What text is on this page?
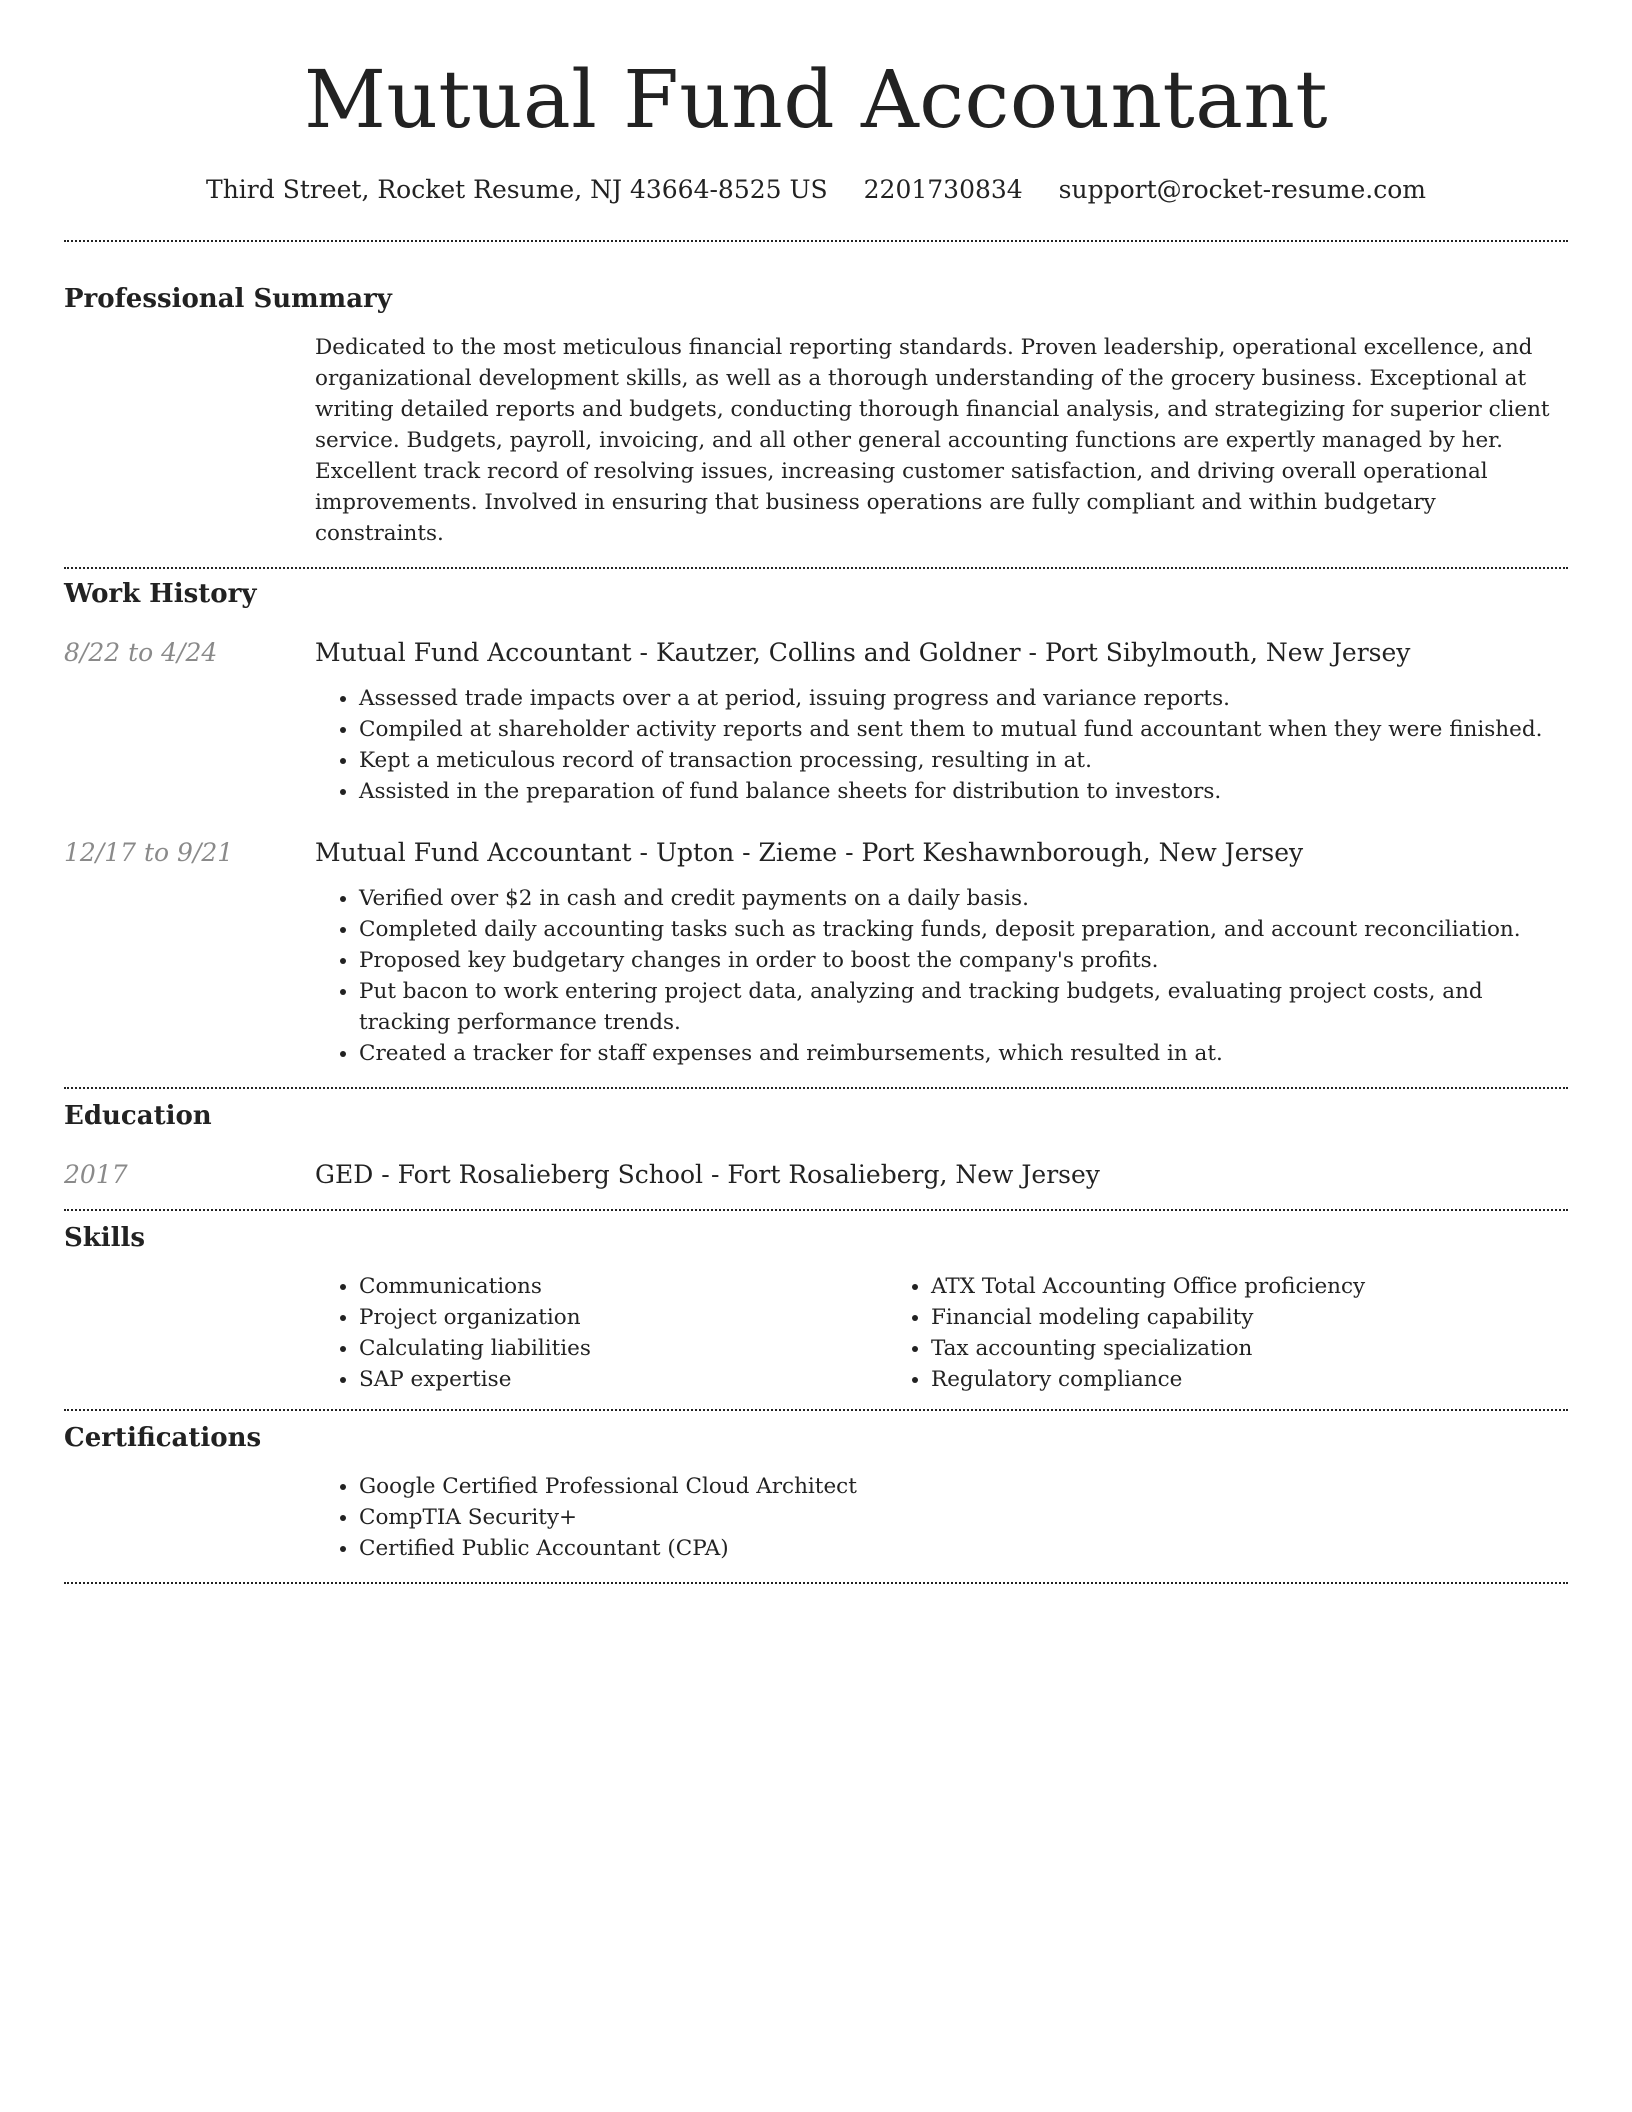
Mutual Fund Accountant
Third Street, Rocket Resume, NJ 43664-8525 US 2201730834 support@rocket-resume.com
Professional Summary
Dedicated to the most meticulous financial reporting standards. Proven leadership, operational excellence, and organizational development skills, as well as a thorough understanding of the grocery business. Exceptional at writing detailed reports and budgets, conducting thorough financial analysis, and strategizing for superior client service. Budgets, payroll, invoicing, and all other general accounting functions are expertly managed by her. Excellent track record of resolving issues, increasing customer satisfaction, and driving overall operational improvements. Involved in ensuring that business operations are fully compliant and within budgetary constraints.
Work History
8/22 to 4/24	Mutual Fund Accountant - Kautzer, Collins and Goldner - Port Sibylmouth, New Jersey
• Assessed trade impacts over a at period, issuing progress and variance reports.
• Compiled at shareholder activity reports and sent them to mutual fund accountant when they were finished.
• Kept a meticulous record of transaction processing, resulting in at.
• Assisted in the preparation of fund balance sheets for distribution to investors.
12/17 to 9/21	Mutual Fund Accountant - Upton - Zieme - Port Keshawnborough, New Jersey
• Verified over $2 in cash and credit payments on a daily basis.
• Completed daily accounting tasks such as tracking funds, deposit preparation, and account reconciliation.
• Proposed key budgetary changes in order to boost the company's profits.
• Put bacon to work entering project data, analyzing and tracking budgets, evaluating project costs, and tracking performance trends.
• Created a tracker for staff expenses and reimbursements, which resulted in at.
Education
2017	GED - Fort Rosalieberg School - Fort Rosalieberg, New Jersey
Skills
• Communications
• Project organization
• Calculating liabilities
• SAP expertise
• ATX Total Accounting Office proficiency
• Financial modeling capability
• Tax accounting specialization
• Regulatory compliance
Certifications
• Google Certified Professional Cloud Architect
• CompTIA Security+
• Certified Public Accountant (CPA)
